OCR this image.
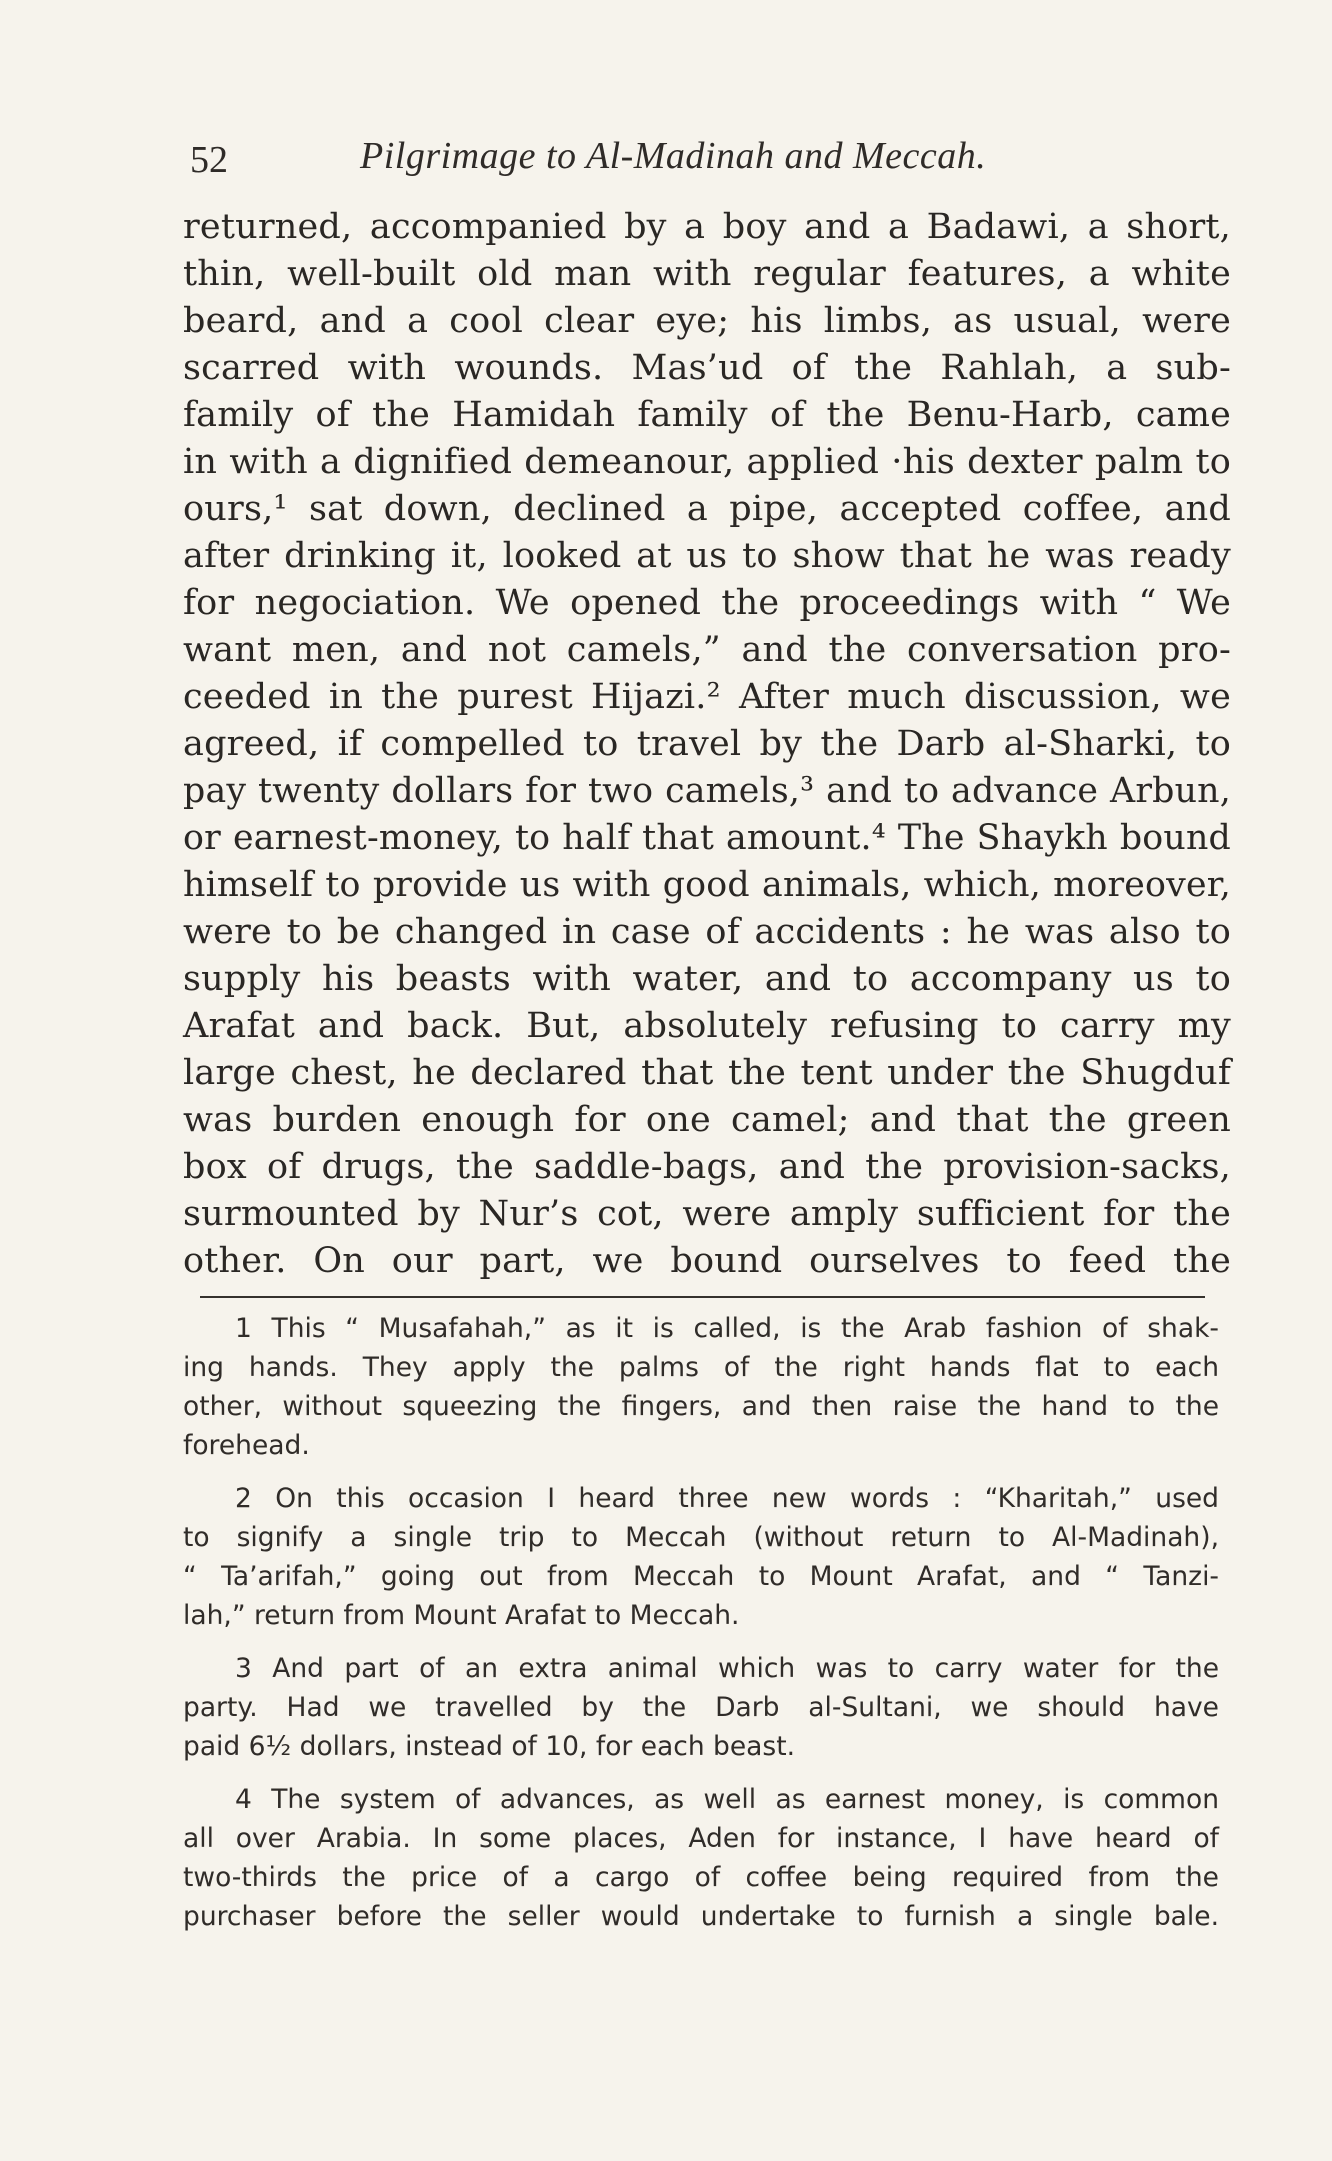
52	Pilgrimage to Al-Madinah and Meccah.
returned, accompanied by a boy and a Badawi, a short,
thin, well-built old man with regular features, a white
beard, and a cool clear eye; his limbs, as usual, were
scarred with wounds. Mas’ud of the Rahlah, a sub-
family of the Hamidah family of the Benu-Harb, came
in with a dignified demeanour, applied ·his dexter palm to
ours,¹ sat down, declined a pipe, accepted coffee, and
after drinking it, looked at us to show that he was ready
for negociation. We opened the proceedings with “ We
want men, and not camels,” and the conversation pro-
ceeded in the purest Hijazi.² After much discussion, we
agreed, if compelled to travel by the Darb al-Sharki, to
pay twenty dollars for two camels,³ and to advance Arbun,
or earnest-money, to half that amount.⁴ The Shaykh bound
himself to provide us with good animals, which, moreover,
were to be changed in case of accidents : he was also to
supply his beasts with water, and to accompany us to
Arafat and back. But, absolutely refusing to carry my
large chest, he declared that the tent under the Shugduf
was burden enough for one camel; and that the green
box of drugs, the saddle-bags, and the provision-sacks,
surmounted by Nur’s cot, were amply sufficient for the
other. On our part, we bound ourselves to feed the
1 This “ Musafahah,” as it is called, is the Arab fashion of shak-
ing hands. They apply the palms of the right hands flat to each
other, without squeezing the fingers, and then raise the hand to the
forehead.
2 On this occasion I heard three new words : “Kharitah,” used
to signify a single trip to Meccah (without return to Al-Madinah),
“ Ta’arifah,” going out from Meccah to Mount Arafat, and “ Tanzi-
lah,” return from Mount Arafat to Meccah.
3 And part of an extra animal which was to carry water for the
party. Had we travelled by the Darb al-Sultani, we should have
paid 6½ dollars, instead of 10, for each beast.
4 The system of advances, as well as earnest money, is common
all over Arabia. In some places, Aden for instance, I have heard of
two-thirds the price of a cargo of coffee being required from the
purchaser before the seller would undertake to furnish a single bale.
